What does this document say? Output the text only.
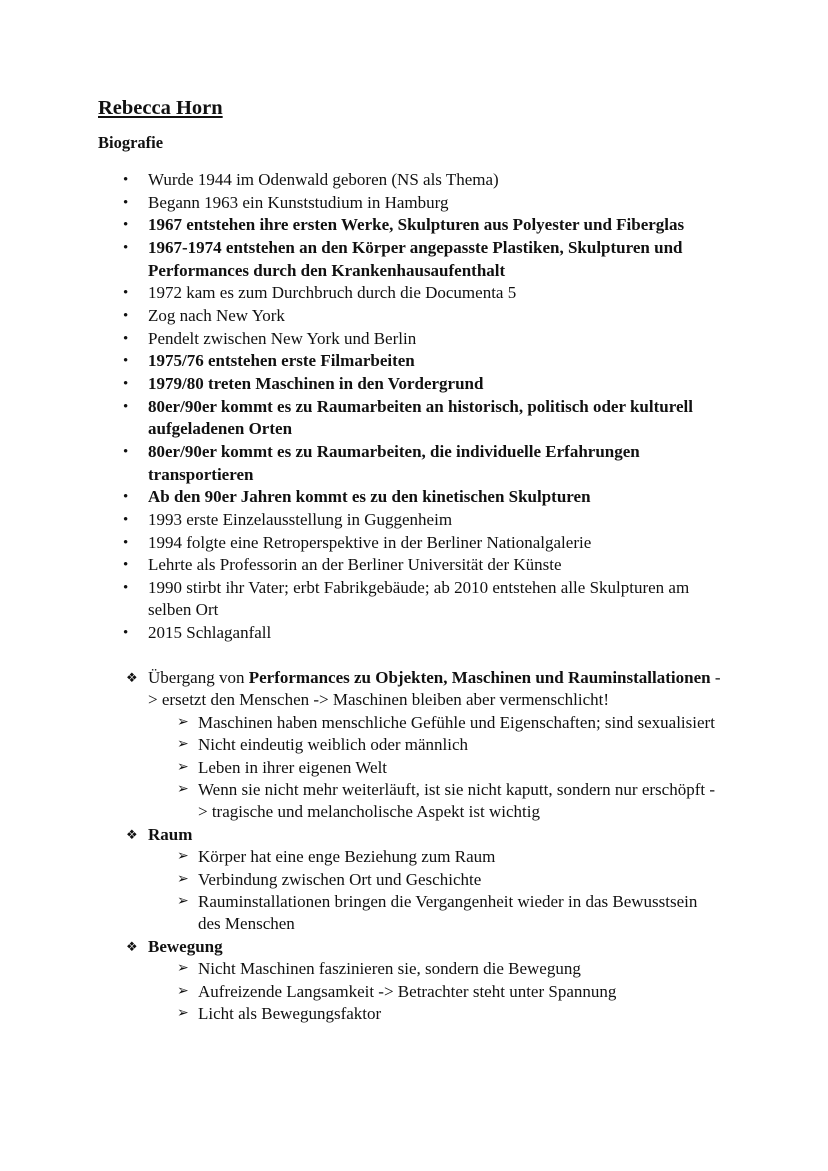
Rebecca Horn
Biografie
• Wurde 1944 im Odenwald geboren (NS als Thema)
• Begann 1963 ein Kunststudium in Hamburg
• 1967 entstehen ihre ersten Werke, Skulpturen aus Polyester und Fiberglas
• 1967-1974 entstehen an den Körper angepasste Plastiken, Skulpturen und Performances durch den Krankenhausaufenthalt
• 1972 kam es zum Durchbruch durch die Documenta 5
• Zog nach New York
• Pendelt zwischen New York und Berlin
• 1975/76 entstehen erste Filmarbeiten
• 1979/80 treten Maschinen in den Vordergrund
• 80er/90er kommt es zu Raumarbeiten an historisch, politisch oder kulturell aufgeladenen Orten
• 80er/90er kommt es zu Raumarbeiten, die individuelle Erfahrungen transportieren
• Ab den 90er Jahren kommt es zu den kinetischen Skulpturen
• 1993 erste Einzelausstellung in Guggenheim
• 1994 folgte eine Retroperspektive in der Berliner Nationalgalerie
• Lehrte als Professorin an der Berliner Universität der Künste
• 1990 stirbt ihr Vater; erbt Fabrikgebäude; ab 2010 entstehen alle Skulpturen am selben Ort
• 2015 Schlaganfall
❖ Übergang von Performances zu Objekten, Maschinen und Rauminstallationen -> ersetzt den Menschen -> Maschinen bleiben aber vermenschlicht!
➢ Maschinen haben menschliche Gefühle und Eigenschaften; sind sexualisiert
➢ Nicht eindeutig weiblich oder männlich
➢ Leben in ihrer eigenen Welt
➢ Wenn sie nicht mehr weiterläuft, ist sie nicht kaputt, sondern nur erschöpft -> tragische und melancholische Aspekt ist wichtig
❖ Raum
➢ Körper hat eine enge Beziehung zum Raum
➢ Verbindung zwischen Ort und Geschichte
➢ Rauminstallationen bringen die Vergangenheit wieder in das Bewusstsein des Menschen
❖ Bewegung
➢ Nicht Maschinen faszinieren sie, sondern die Bewegung
➢ Aufreizende Langsamkeit -> Betrachter steht unter Spannung
➢ Licht als Bewegungsfaktor
